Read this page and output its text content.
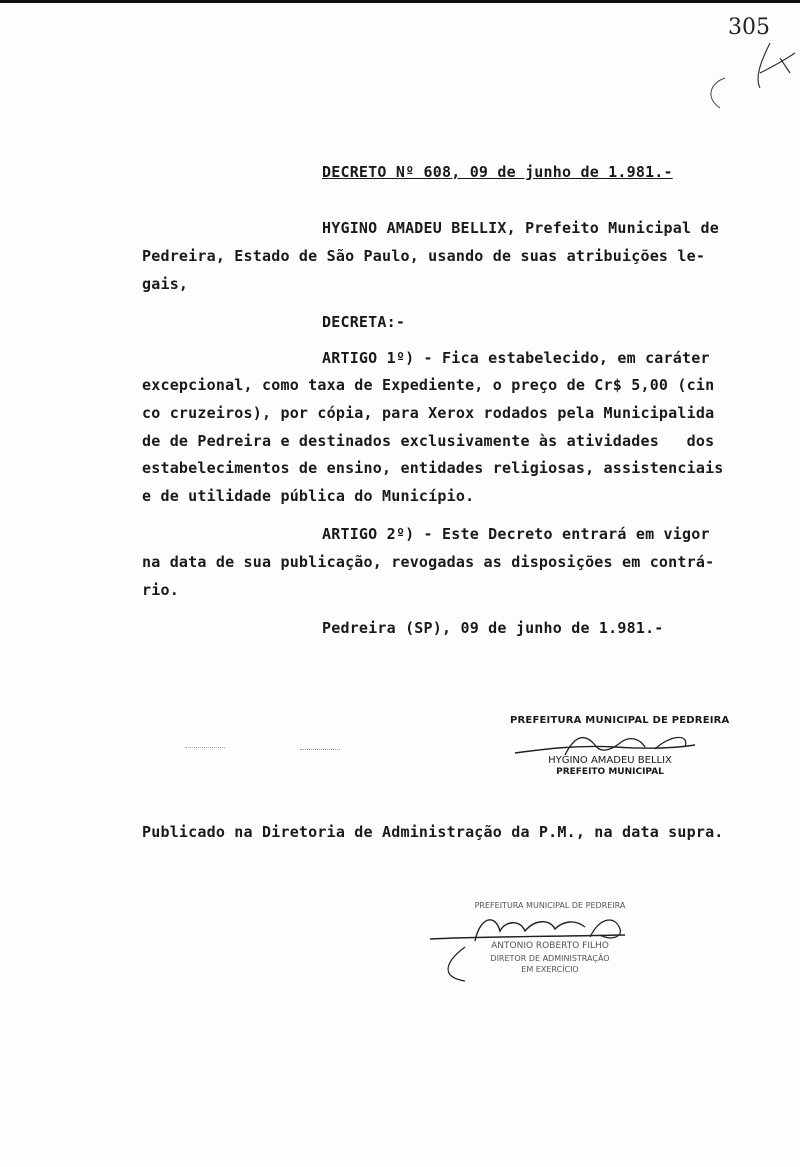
305
DECRETO Nº 608, 09 de junho de 1.981.-
HYGINO AMADEU BELLIX, Prefeito Municipal de
Pedreira, Estado de São Paulo, usando de suas atribuições le-
gais,
DECRETA:-
ARTIGO 1º) - Fica estabelecido, em caráter
excepcional, como taxa de Expediente, o preço de Cr$ 5,00 (cin
co cruzeiros), por cópia, para Xerox rodados pela Municipalida
de de Pedreira e destinados exclusivamente às atividades   dos
estabelecimentos de ensino, entidades religiosas, assistenciais
e de utilidade pública do Município.
ARTIGO 2º) - Este Decreto entrará em vigor
na data de sua publicação, revogadas as disposições em contrá-
rio.
Pedreira (SP), 09 de junho de 1.981.-
PREFEITURA MUNICIPAL DE PEDREIRA
HYGINO AMADEU BELLIX
PREFEITO MUNICIPAL
Publicado na Diretoria de Administração da P.M., na data supra.
PREFEITURA MUNICIPAL DE PEDREIRA
ANTONIO ROBERTO FILHO
DIRETOR DE ADMINISTRAÇÃO
EM EXERCÍCIO
